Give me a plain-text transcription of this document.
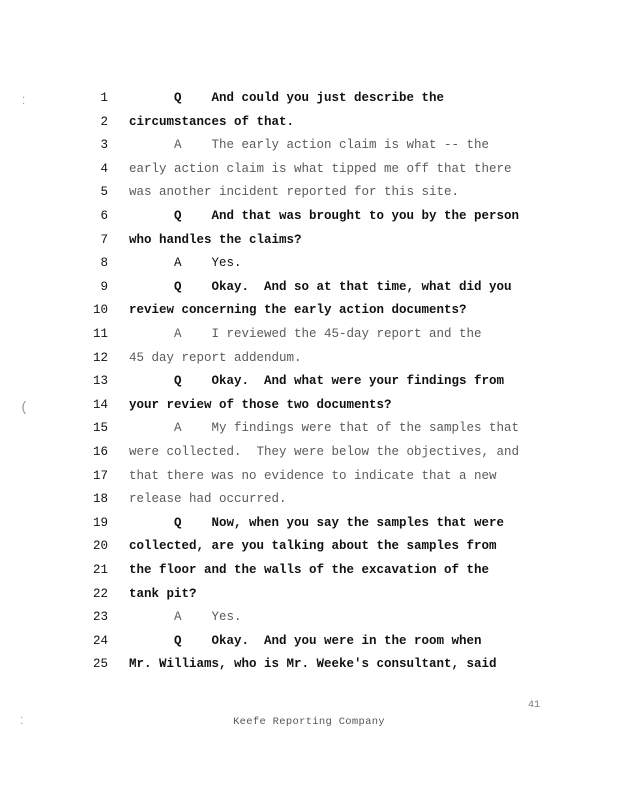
1 Q    And could you just describe the
2 circumstances of that.
3 A    The early action claim is what -- the
4 early action claim is what tipped me off that there
5 was another incident reported for this site.
6 Q    And that was brought to you by the person
7 who handles the claims?
8 A    Yes.
9 Q    Okay.  And so at that time, what did you
10 review concerning the early action documents?
11 A    I reviewed the 45-day report and the
12 45 day report addendum.
13 Q    Okay.  And what were your findings from
14 your review of those two documents?
15 A    My findings were that of the samples that
16 were collected.  They were below the objectives, and
17 that there was no evidence to indicate that a new
18 release had occurred.
19 Q    Now, when you say the samples that were
20 collected, are you talking about the samples from
21 the floor and the walls of the excavation of the
22 tank pit?
23 A    Yes.
24 Q    Okay.  And you were in the room when
25 Mr. Williams, who is Mr. Weeke's consultant, said
⁚
(
⁚
41
Keefe Reporting Company
